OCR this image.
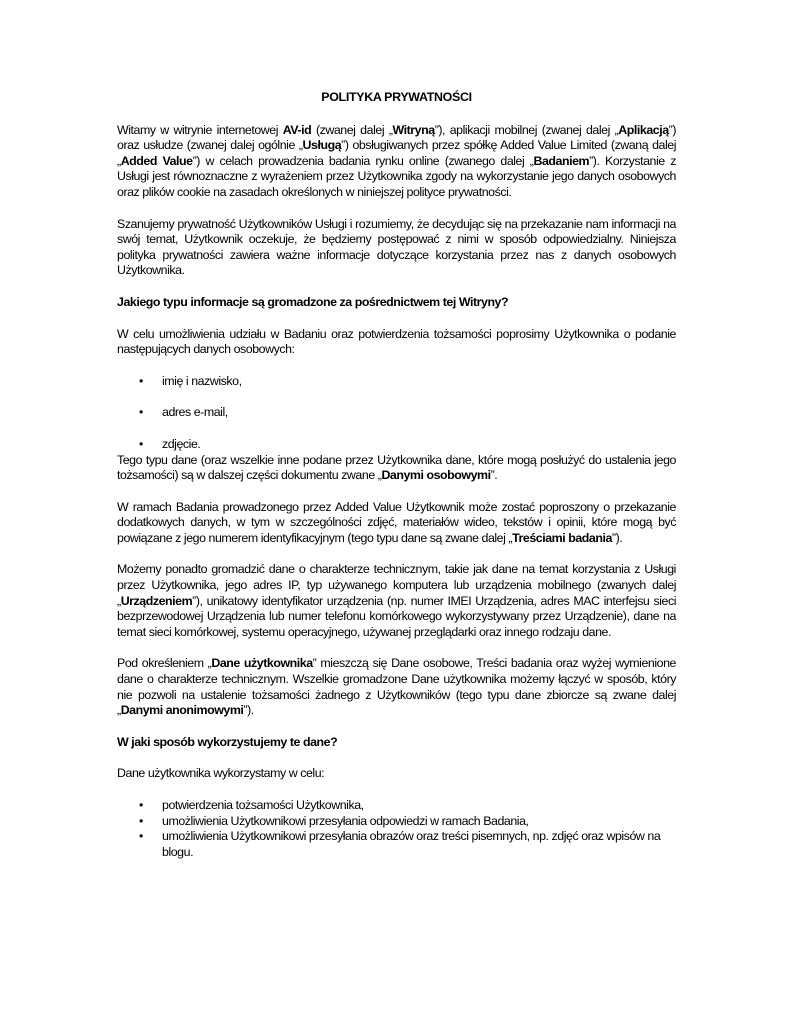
POLITYKA PRYWATNOŚCI

Witamy w witrynie internetowej AV-id (zwanej dalej „Witryną”), aplikacji mobilnej (zwanej dalej „Aplikacją”) oraz usłudze (zwanej dalej ogólnie „Usługą”) obsługiwanych przez spółkę Added Value Limited (zwaną dalej „Added Value”) w celach prowadzenia badania rynku online (zwanego dalej „Badaniem”). Korzystanie z Usługi jest równoznaczne z wyrażeniem przez Użytkownika zgody na wykorzystanie jego danych osobowych oraz plików cookie na zasadach określonych w niniejszej polityce prywatności.

Szanujemy prywatność Użytkowników Usługi i rozumiemy, że decydując się na przekazanie nam informacji na swój temat, Użytkownik oczekuje, że będziemy postępować z nimi w sposób odpowiedzialny. Niniejsza polityka prywatności zawiera ważne informacje dotyczące korzystania przez nas z danych osobowych Użytkownika.

Jakiego typu informacje są gromadzone za pośrednictwem tej Witryny?

W celu umożliwienia udziału w Badaniu oraz potwierdzenia tożsamości poprosimy Użytkownika o podanie następujących danych osobowych:

• imię i nazwisko,
• adres e-mail,
• zdjęcie.

Tego typu dane (oraz wszelkie inne podane przez Użytkownika dane, które mogą posłużyć do ustalenia jego tożsamości) są w dalszej części dokumentu zwane „Danymi osobowymi”.

W ramach Badania prowadzonego przez Added Value Użytkownik może zostać poproszony o przekazanie dodatkowych danych, w tym w szczególności zdjęć, materiałów wideo, tekstów i opinii, które mogą być powiązane z jego numerem identyfikacyjnym (tego typu dane są zwane dalej „Treściami badania”).

Możemy ponadto gromadzić dane o charakterze technicznym, takie jak dane na temat korzystania z Usługi przez Użytkownika, jego adres IP, typ używanego komputera lub urządzenia mobilnego (zwanych dalej „Urządzeniem”), unikatowy identyfikator urządzenia (np. numer IMEI Urządzenia, adres MAC interfejsu sieci bezprzewodowej Urządzenia lub numer telefonu komórkowego wykorzystywany przez Urządzenie), dane na temat sieci komórkowej, systemu operacyjnego, używanej przeglądarki oraz innego rodzaju dane.

Pod określeniem „Dane użytkownika” mieszczą się Dane osobowe, Treści badania oraz wyżej wymienione dane o charakterze technicznym. Wszelkie gromadzone Dane użytkownika możemy łączyć w sposób, który nie pozwoli na ustalenie tożsamości żadnego z Użytkowników (tego typu dane zbiorcze są zwane dalej „Danymi anonimowymi”).

W jaki sposób wykorzystujemy te dane?

Dane użytkownika wykorzystamy w celu:

• potwierdzenia tożsamości Użytkownika,
• umożliwienia Użytkownikowi przesyłania odpowiedzi w ramach Badania,
• umożliwienia Użytkownikowi przesyłania obrazów oraz treści pisemnych, np. zdjęć oraz wpisów na blogu.
